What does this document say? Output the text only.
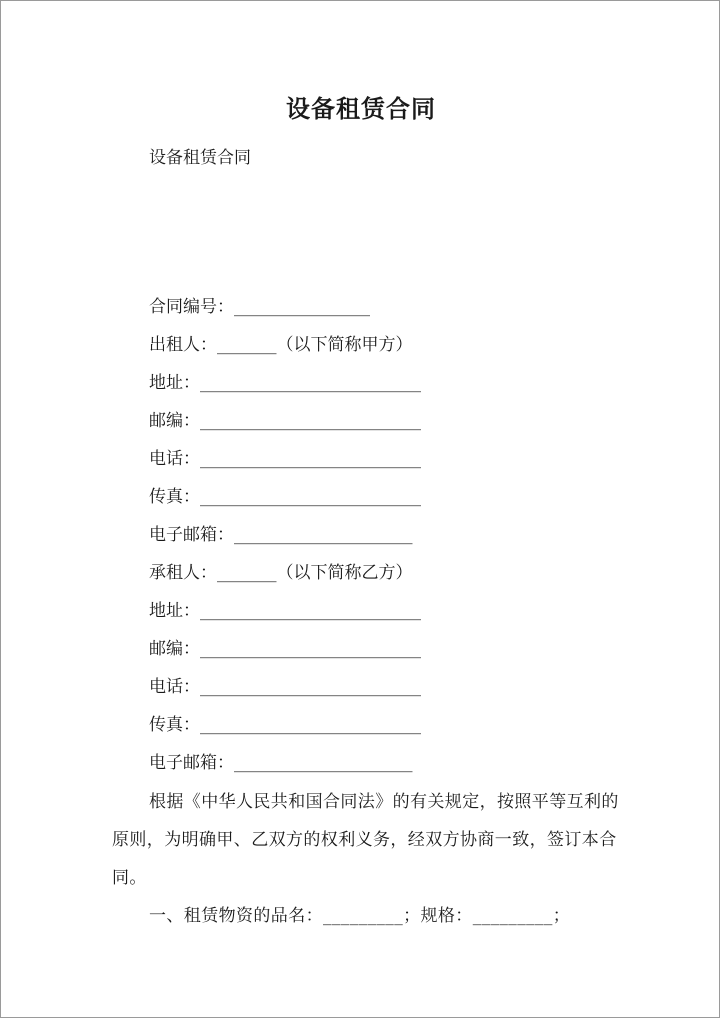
设备租赁合同
设备租赁合同
合同编号：________________
出租人：_______（以下简称甲方）
地址：__________________________
邮编：__________________________
电话：__________________________
传真：__________________________
电子邮箱：_____________________
承租人：_______（以下简称乙方）
地址：__________________________
邮编：__________________________
电话：__________________________
传真：__________________________
电子邮箱：_____________________
根据《中华人民共和国合同法》的有关规定，按照平等互利的原则，为明确甲、乙双方的权利义务，经双方协商一致，签订本合同。
一、租赁物资的品名：_________；规格：_________；
